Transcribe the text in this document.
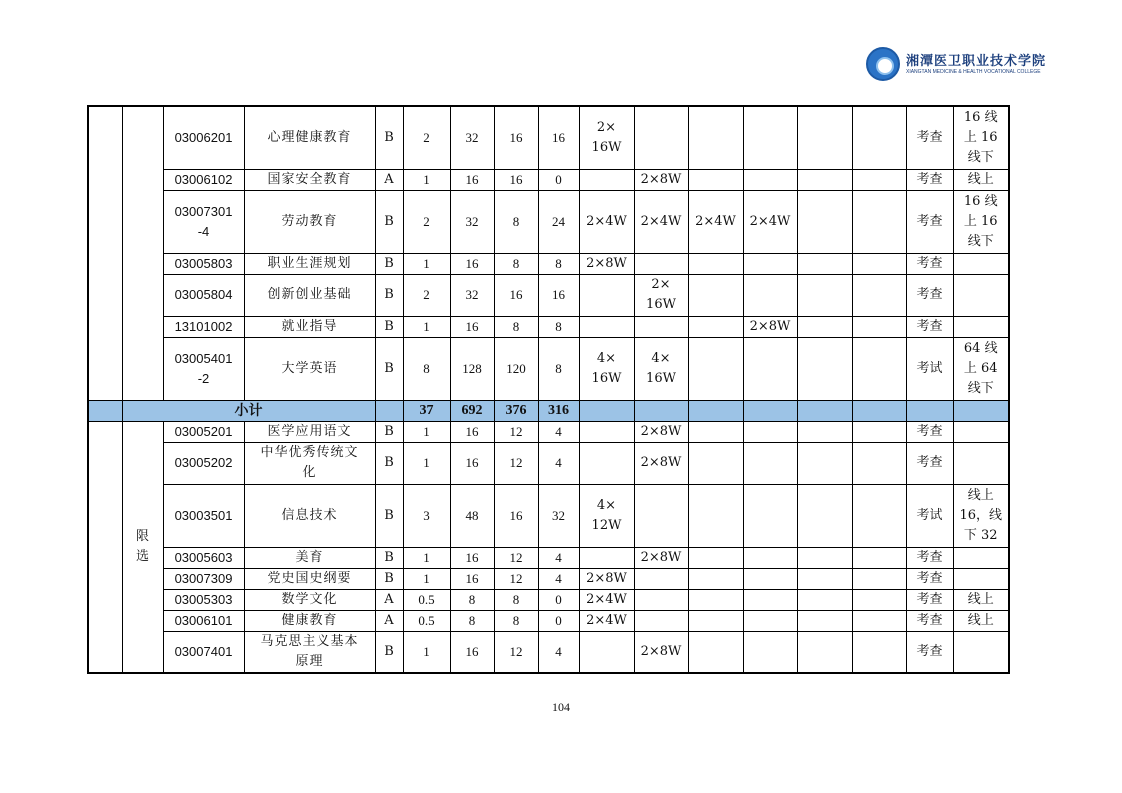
湘潭医卫职业技术学院
XIANGTAN MEDICINE & HEALTH VOCATIONAL COLLEGE
		03006201	心理健康教育	B	2	32	16	16	2×
16W						考查	16 线
上 16
线下
		03006102	国家安全教育	A	1	16	16	0		2×8W					考查	线上
		03007301
-4	劳动教育	B	2	32	8	24	2×4W	2×4W	2×4W	2×4W			考查	16 线
上 16
线下
		03005803	职业生涯规划	B	1	16	8	8	2×8W						考查	
		03005804	创新创业基础	B	2	32	16	16		2×
16W					考查	
		13101002	就业指导	B	1	16	8	8				2×8W			考查	
		03005401
-2	大学英语	B	8	128	120	8	4×
16W	4×
16W					考试	64 线
上 64
线下
	小计				37	692	376	316								
	限
选	03005201	医学应用语文	B	1	16	12	4		2×8W					考查	
		03005202	中华优秀传统文
化	B	1	16	12	4		2×8W					考查	
		03003501	信息技术	B	3	48	16	32	4×
12W						考试	线上
16，线
下 32
		03005603	美育	B	1	16	12	4		2×8W					考查	
		03007309	党史国史纲要	B	1	16	12	4	2×8W						考查	
		03005303	数学文化	A	0.5	8	8	0	2×4W						考查	线上
		03006101	健康教育	A	0.5	8	8	0	2×4W						考查	线上
		03007401	马克思主义基本
原理	B	1	16	12	4		2×8W					考查	
104
